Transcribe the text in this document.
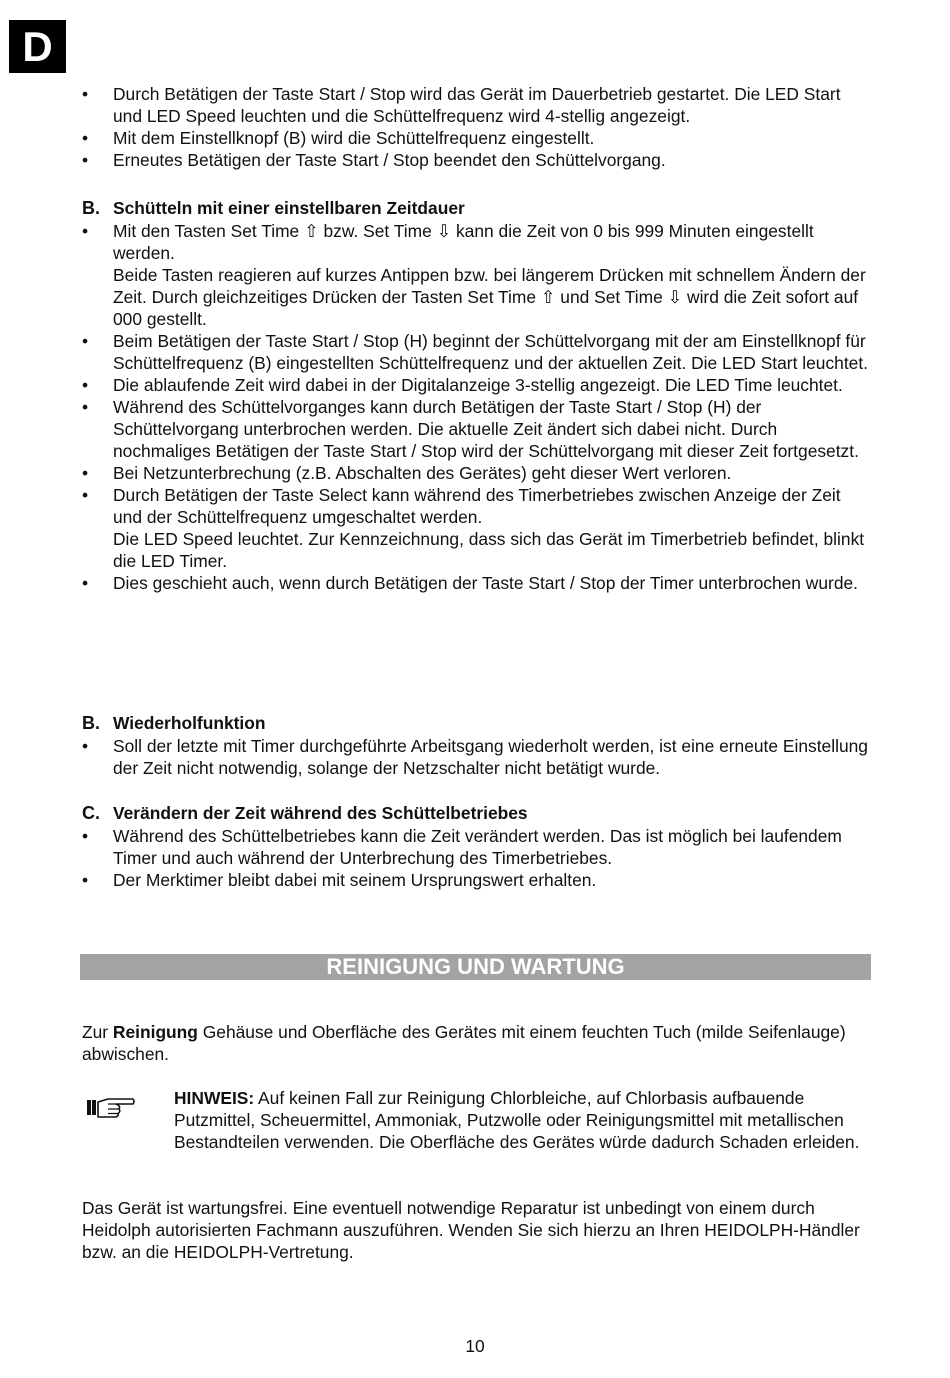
D
• Durch Betätigen der Taste Start / Stop wird das Gerät im Dauerbetrieb gestartet. Die LED Start und LED Speed leuchten und die Schüttelfrequenz wird 4-stellig angezeigt.
• Mit dem Einstellknopf (B) wird die Schüttelfrequenz eingestellt.
• Erneutes Betätigen der Taste Start / Stop beendet den Schüttelvorgang.
B. Schütteln mit einer einstellbaren Zeitdauer
• Mit den Tasten Set Time ⇧ bzw. Set Time ⇩ kann die Zeit von 0 bis 999 Minuten eingestellt werden.
Beide Tasten reagieren auf kurzes Antippen bzw. bei längerem Drücken mit schnellem Ändern der Zeit. Durch gleichzeitiges Drücken der Tasten Set Time ⇧ und Set Time ⇩ wird die Zeit sofort auf 000 gestellt.
• Beim Betätigen der Taste Start / Stop (H) beginnt der Schüttelvorgang mit der am Einstellknopf für Schüttelfrequenz (B) eingestellten Schüttelfrequenz und der aktuellen Zeit. Die LED Start leuchtet.
• Die ablaufende Zeit wird dabei in der Digitalanzeige 3-stellig angezeigt. Die LED Time leuchtet.
• Während des Schüttelvorganges kann durch Betätigen der Taste Start / Stop (H) der Schüttelvorgang unterbrochen werden. Die aktuelle Zeit ändert sich dabei nicht. Durch nochmaliges Betätigen der Taste Start / Stop wird der Schüttelvorgang mit dieser Zeit fortgesetzt.
• Bei Netzunterbrechung (z.B. Abschalten des Gerätes) geht dieser Wert verloren.
• Durch Betätigen der Taste Select kann während des Timerbetriebes zwischen Anzeige der Zeit und der Schüttelfrequenz umgeschaltet werden.
Die LED Speed leuchtet. Zur Kennzeichnung, dass sich das Gerät im Timerbetrieb befindet, blinkt die LED Timer.
• Dies geschieht auch, wenn durch Betätigen der Taste Start / Stop der Timer unterbrochen wurde.
B. Wiederholfunktion
• Soll der letzte mit Timer durchgeführte Arbeitsgang wiederholt werden, ist eine erneute Einstellung der Zeit nicht notwendig, solange der Netzschalter nicht betätigt wurde.
C. Verändern der Zeit während des Schüttelbetriebes
• Während des Schüttelbetriebes kann die Zeit verändert werden. Das ist möglich bei laufendem Timer und auch während der Unterbrechung des Timerbetriebes.
• Der Merktimer bleibt dabei mit seinem Ursprungswert erhalten.
REINIGUNG UND WARTUNG
Zur Reinigung Gehäuse und Oberfläche des Gerätes mit einem feuchten Tuch (milde Seifenlauge) abwischen.
HINWEIS: Auf keinen Fall zur Reinigung Chlorbleiche, auf Chlorbasis aufbauende Putzmittel, Scheuermittel, Ammoniak, Putzwolle oder Reinigungsmittel mit metallischen Bestandteilen verwenden. Die Oberfläche des Gerätes würde dadurch Schaden erleiden.
Das Gerät ist wartungsfrei. Eine eventuell notwendige Reparatur ist unbedingt von einem durch Heidolph autorisierten Fachmann auszuführen. Wenden Sie sich hierzu an Ihren HEIDOLPH-Händler bzw. an die HEIDOLPH-Vertretung.
10
